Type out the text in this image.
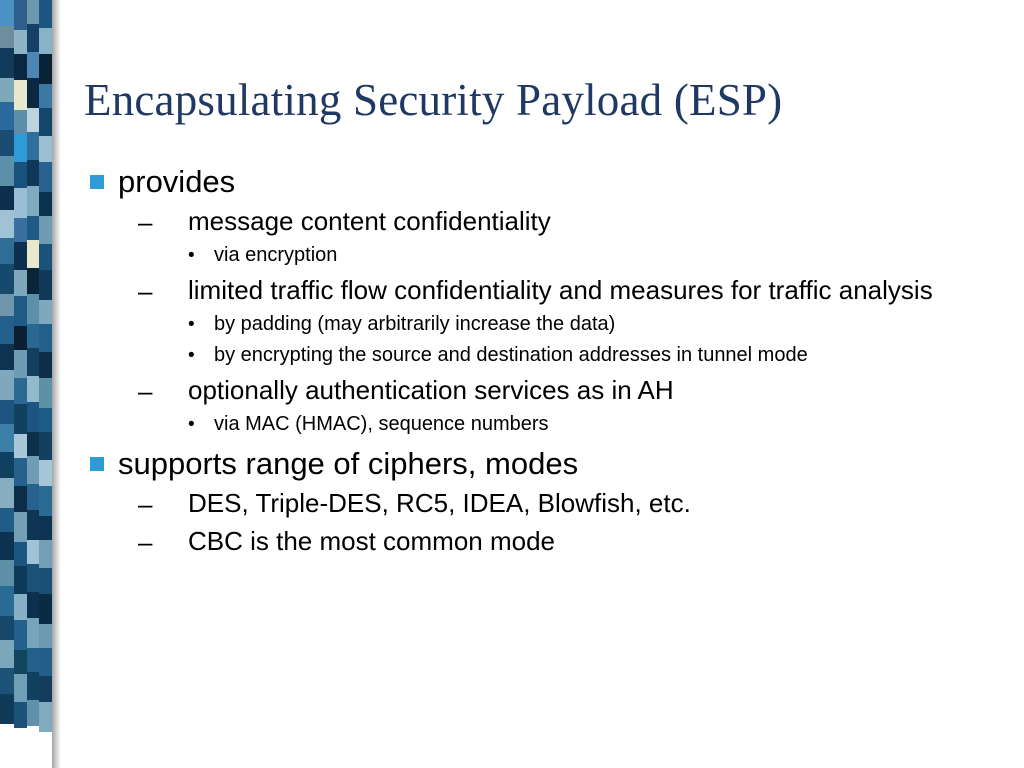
Encapsulating Security Payload (ESP)
provides
–	message content confidentiality
• via encryption
–	limited traffic flow confidentiality and measures for traffic analysis
• by padding (may arbitrarily increase the data)
• by encrypting the source and destination addresses in tunnel mode
–	optionally authentication services as in AH
• via MAC (HMAC), sequence numbers
supports range of ciphers, modes
–	DES, Triple-DES, RC5, IDEA, Blowfish, etc.
–	CBC is the most common mode
